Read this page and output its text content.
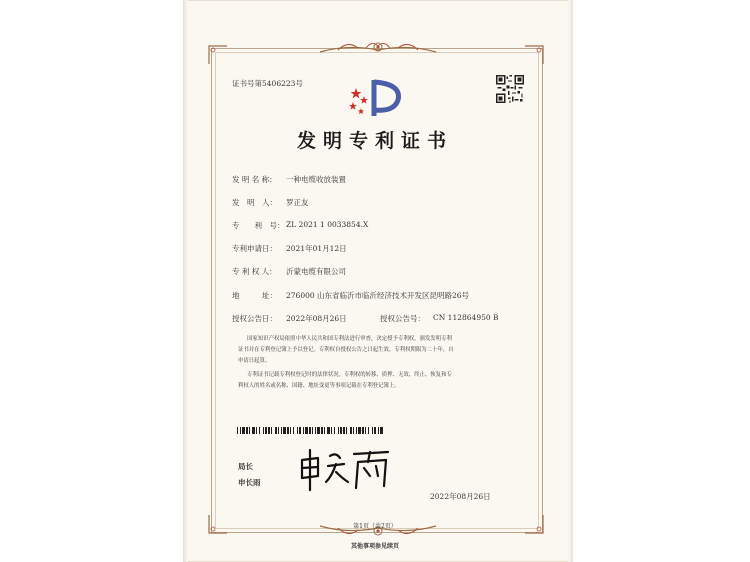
证书号第5406223号
发明专利证书
发 明 名 称： 一种电缆收放装置
发　明　人： 罗正友
专　　利　号： ZL 2021 1 0033854.X
专利申请日： 2021年01月12日
专 利 权 人： 沂蒙电缆有限公司
地　　　址： 276000 山东省临沂市临沂经济技术开发区昆明路26号
授权公告日： 2022年08月26日	授权公告号： CN 112864950 B
国家知识产权局依照中华人民共和国专利法进行审查，决定授予专利权，颁发发明专利
证书并在专利登记簿上予以登记。专利权自授权公告之日起生效。专利权期限为二十年，自
申请日起算。
专利证书记载专利权登记时的法律状况。专利权的转移、质押、无效、终止、恢复和专
利权人的姓名或名称、国籍、地址变更等事项记载在专利登记簿上。
局长
申长雨
2022年08月26日
第1页（共2页）
其他事项参见续页
